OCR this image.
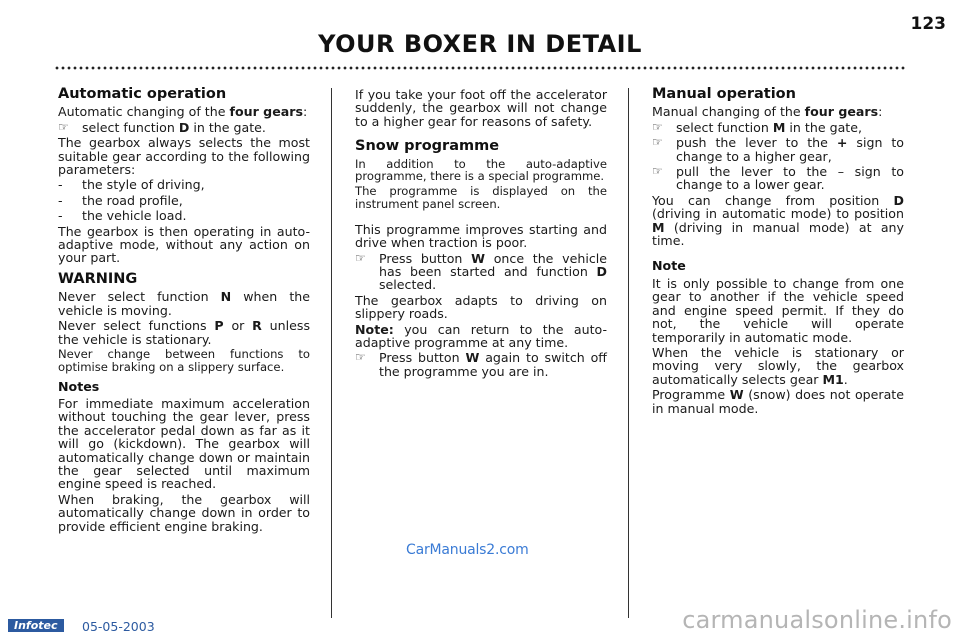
123
YOUR BOXER IN DETAIL
Automatic operation

Automatic changing of the four gears:

☞ select function D in the gate.

The gearbox always selects the most suitable gear according to the following parameters:

- the style of driving,
- the road profile,
- the vehicle load.

The gearbox is then operating in auto-adaptive mode, without any action on your part.

WARNING

Never select function N when the vehicle is moving.

Never select functions P or R unless the vehicle is stationary.

Never change between functions to optimise braking on a slippery surface.

Notes

For immediate maximum acceleration without touching the gear lever, press the accelerator pedal down as far as it will go (kickdown). The gearbox will automatically change down or maintain the gear selected until maximum engine speed is reached.

When braking, the gearbox will automatically change down in order to provide efficient engine braking.

If you take your foot off the accelerator suddenly, the gearbox will not change to a higher gear for reasons of safety.

Snow programme

In addition to the auto-adaptive programme, there is a special programme.

The programme is displayed on the instrument panel screen.

This programme improves starting and drive when traction is poor.

☞ Press button W once the vehicle has been started and function D selected.

The gearbox adapts to driving on slippery roads.

Note: you can return to the auto-adaptive programme at any time.

☞ Press button W again to switch off the programme you are in.
Manual operation

Manual changing of the four gears:

☞ select function M in the gate,
☞ push the lever to the + sign to change to a higher gear,
☞ pull the lever to the – sign to change to a lower gear.

You can change from position D (driving in automatic mode) to position M (driving in manual mode) at any time.

Note

It is only possible to change from one gear to another if the vehicle speed and engine speed permit. If they do not, the vehicle will operate temporarily in automatic mode.

When the vehicle is stationary or moving very slowly, the gearbox automatically selects gear M1.

Programme W (snow) does not operate in manual mode.

CarManuals2.com
Infotec	05-05-2003	carmanualsonline.info
